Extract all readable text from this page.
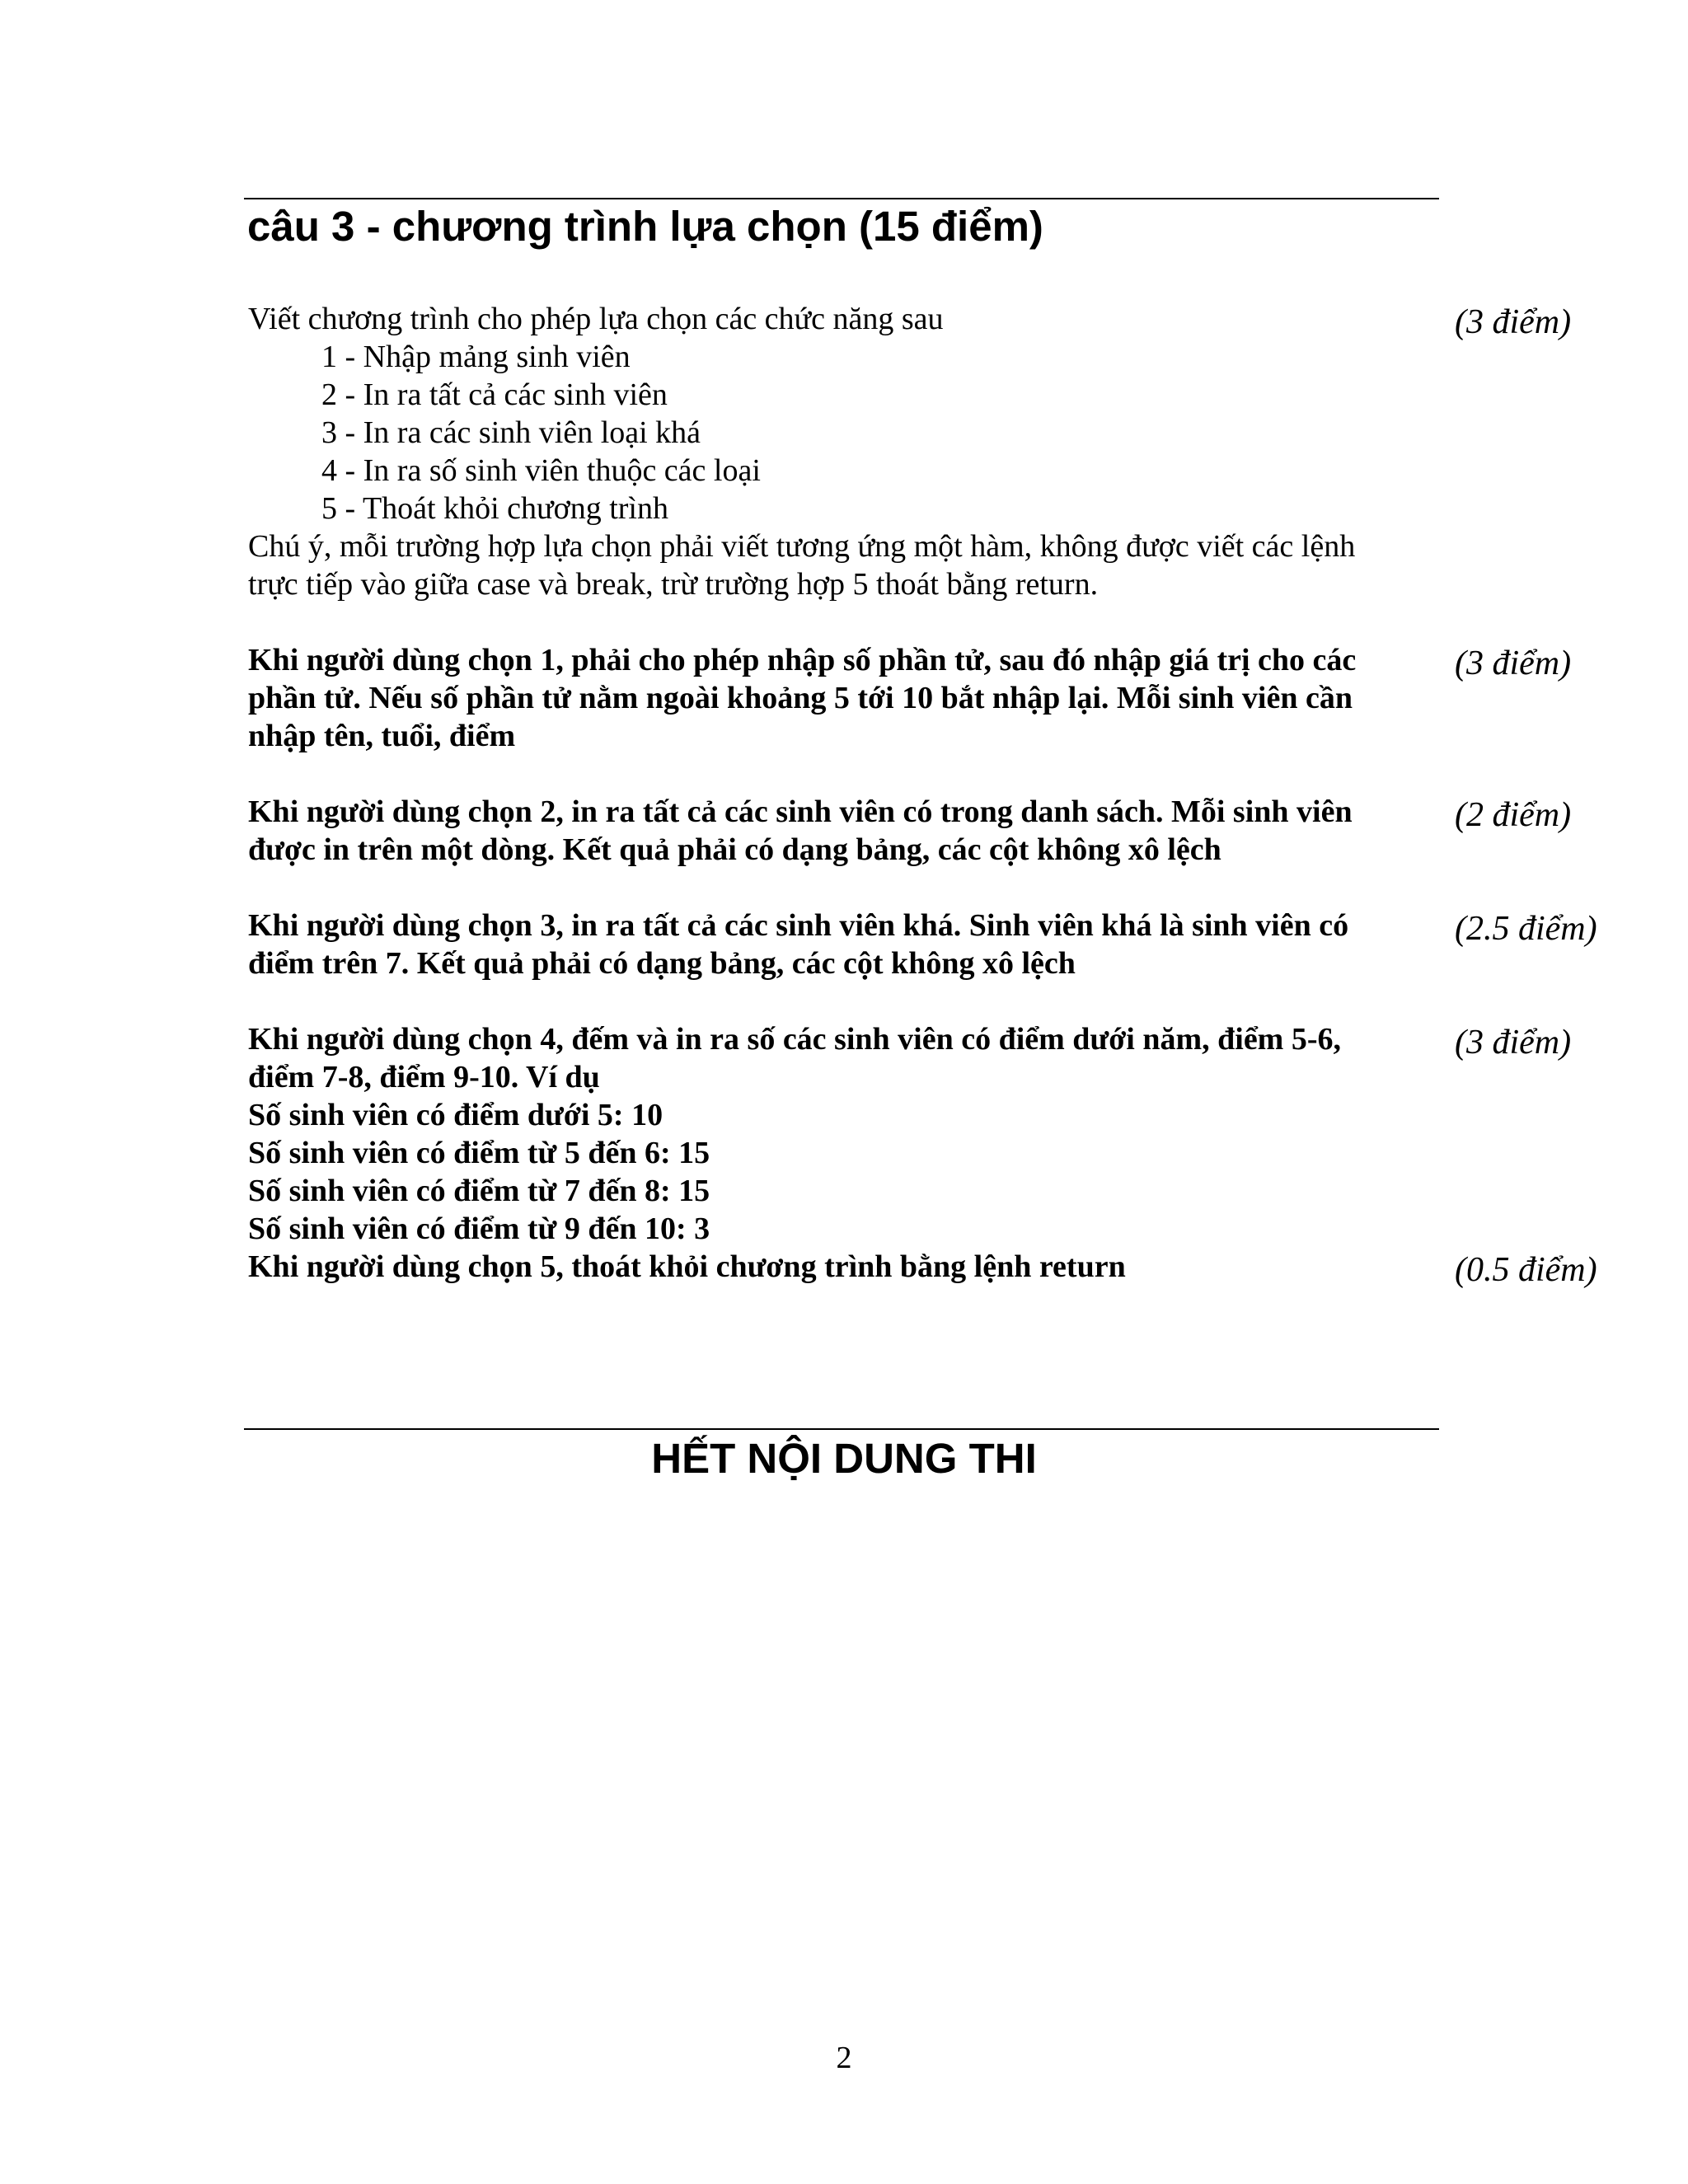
câu 3 - chương trình lựa chọn (15 điểm)
Viết chương trình cho phép lựa chọn các chức năng sau	(3 điểm)
1 - Nhập mảng sinh viên
2 - In ra tất cả các sinh viên
3 - In ra các sinh viên loại khá
4 - In ra số sinh viên thuộc các loại
5 - Thoát khỏi chương trình
Chú ý, mỗi trường hợp lựa chọn phải viết tương ứng một hàm, không được viết các lệnh
trực tiếp vào giữa case và break, trừ trường hợp 5 thoát bằng return.
Khi người dùng chọn 1, phải cho phép nhập số phần tử, sau đó nhập giá trị cho các
phần tử. Nếu số phần tử nằm ngoài khoảng 5 tới 10 bắt nhập lại. Mỗi sinh viên cần
nhập tên, tuổi, điểm
(3 điểm)
Khi người dùng chọn 2, in ra tất cả các sinh viên có trong danh sách. Mỗi sinh viên
được in trên một dòng. Kết quả phải có dạng bảng, các cột không xô lệch
(2 điểm)
Khi người dùng chọn 3, in ra tất cả các sinh viên khá. Sinh viên khá là sinh viên có
điểm trên 7. Kết quả phải có dạng bảng, các cột không xô lệch
(2.5 điểm)
Khi người dùng chọn 4, đếm và in ra số các sinh viên có điểm dưới năm, điểm 5-6,
điểm 7-8, điểm 9-10. Ví dụ
Số sinh viên có điểm dưới 5: 10
Số sinh viên có điểm từ 5 đến 6: 15
Số sinh viên có điểm từ 7 đến 8: 15
Số sinh viên có điểm từ 9 đến 10: 3
(3 điểm)
Khi người dùng chọn 5, thoát khỏi chương trình bằng lệnh return	(0.5 điểm)
HẾT NỘI DUNG THI
2
